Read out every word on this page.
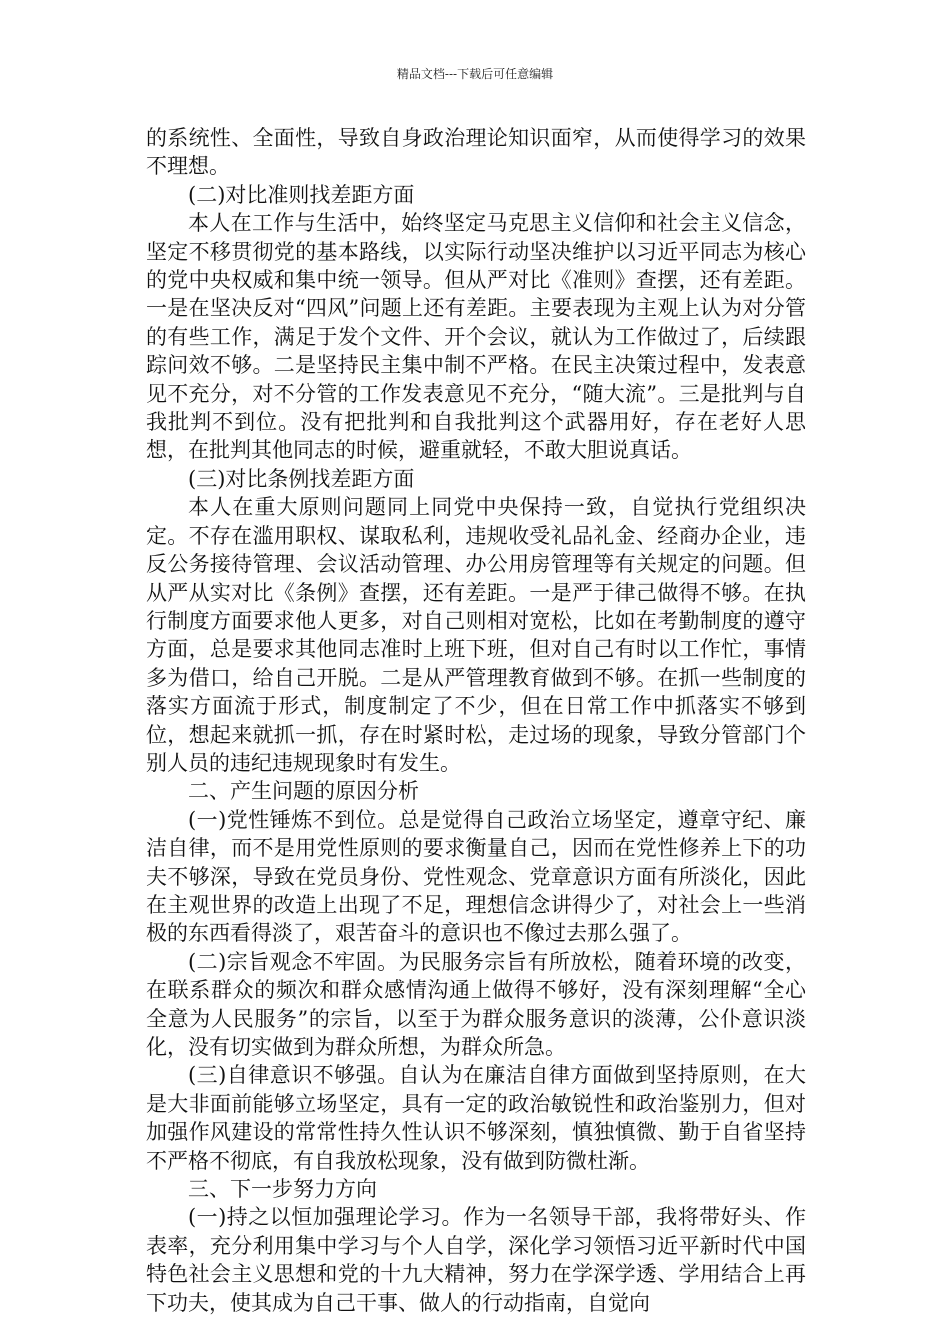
精品文档---下载后可任意编辑

的系统性、全面性，导致自身政治理论知识面窄，从而使得学习的效果不理想。

(二)对比准则找差距方面

本人在工作与生活中，始终坚定马克思主义信仰和社会主义信念，坚定不移贯彻党的基本路线，以实际行动坚决维护以习近平同志为核心的党中央权威和集中统一领导。但从严对比《准则》查摆，还有差距。一是在坚决反对“四风”问题上还有差距。主要表现为主观上认为对分管的有些工作，满足于发个文件、开个会议，就认为工作做过了，后续跟踪问效不够。二是坚持民主集中制不严格。在民主决策过程中，发表意见不充分，对不分管的工作发表意见不充分，“随大流”。三是批判与自我批判不到位。没有把批判和自我批判这个武器用好，存在老好人思想，在批判其他同志的时候，避重就轻，不敢大胆说真话。

(三)对比条例找差距方面

本人在重大原则问题同上同党中央保持一致，自觉执行党组织决定。不存在滥用职权、谋取私利，违规收受礼品礼金、经商办企业，违反公务接待管理、会议活动管理、办公用房管理等有关规定的问题。但从严从实对比《条例》查摆，还有差距。一是严于律己做得不够。在执行制度方面要求他人更多，对自己则相对宽松，比如在考勤制度的遵守方面，总是要求其他同志准时上班下班，但对自己有时以工作忙，事情多为借口，给自己开脱。二是从严管理教育做到不够。在抓一些制度的落实方面流于形式，制度制定了不少，但在日常工作中抓落实不够到位，想起来就抓一抓，存在时紧时松，走过场的现象，导致分管部门个别人员的违纪违规现象时有发生。

二、产生问题的原因分析

(一)党性锤炼不到位。总是觉得自己政治立场坚定，遵章守纪、廉洁自律，而不是用党性原则的要求衡量自己，因而在党性修养上下的功夫不够深，导致在党员身份、党性观念、党章意识方面有所淡化，因此在主观世界的改造上出现了不足，理想信念讲得少了，对社会上一些消极的东西看得淡了，艰苦奋斗的意识也不像过去那么强了。

(二)宗旨观念不牢固。为民服务宗旨有所放松，随着环境的改变，在联系群众的频次和群众感情沟通上做得不够好，没有深刻理解“全心全意为人民服务”的宗旨，以至于为群众服务意识的淡薄，公仆意识淡化，没有切实做到为群众所想，为群众所急。

(三)自律意识不够强。自认为在廉洁自律方面做到坚持原则，在大是大非面前能够立场坚定，具有一定的政治敏锐性和政治鉴别力，但对加强作风建设的常常性持久性认识不够深刻，慎独慎微、勤于自省坚持不严格不彻底，有自我放松现象，没有做到防微杜渐。

三、下一步努力方向

(一)持之以恒加强理论学习。作为一名领导干部，我将带好头、作表率，充分利用集中学习与个人自学，深化学习领悟习近平新时代中国特色社会主义思想和党的十九大精神，努力在学深学透、学用结合上再下功夫，使其成为自己干事、做人的行动指南，自觉向
